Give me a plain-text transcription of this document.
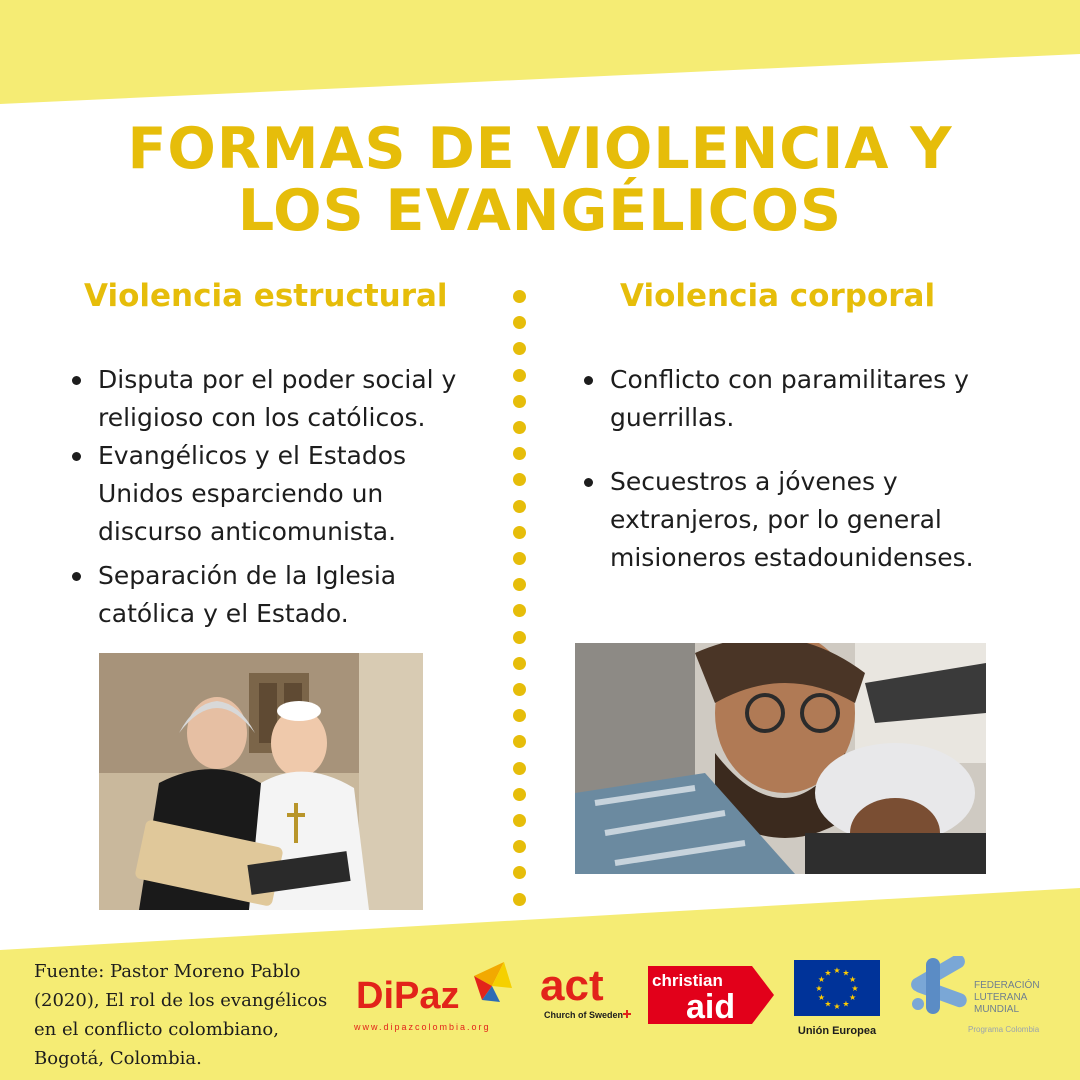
FORMAS DE VIOLENCIA Y
LOS EVANGÉLICOS
Violencia estructural	Violencia corporal
Disputa por el poder social y religioso con los católicos.
Evangélicos y el Estados Unidos esparciendo un discurso anticomunista.
Separación de la Iglesia católica y el Estado.
Conflicto con paramilitares y guerrillas.
Secuestros a jóvenes y extranjeros, por lo general misioneros estadounidenses.

Fuente: Pastor Moreno Pablo (2020), El rol de los evangélicos en el conflicto colombiano, Bogotá, Colombia.

DiPaz
www.dipazcolombia.org
act
Church of Sweden
christian
aid	★
★
★
★
★
★
★
★
★ ★ ★
★
Unión Europea
FEDERACIÓN
LUTERANA
MUNDIAL
Programa Colombia
